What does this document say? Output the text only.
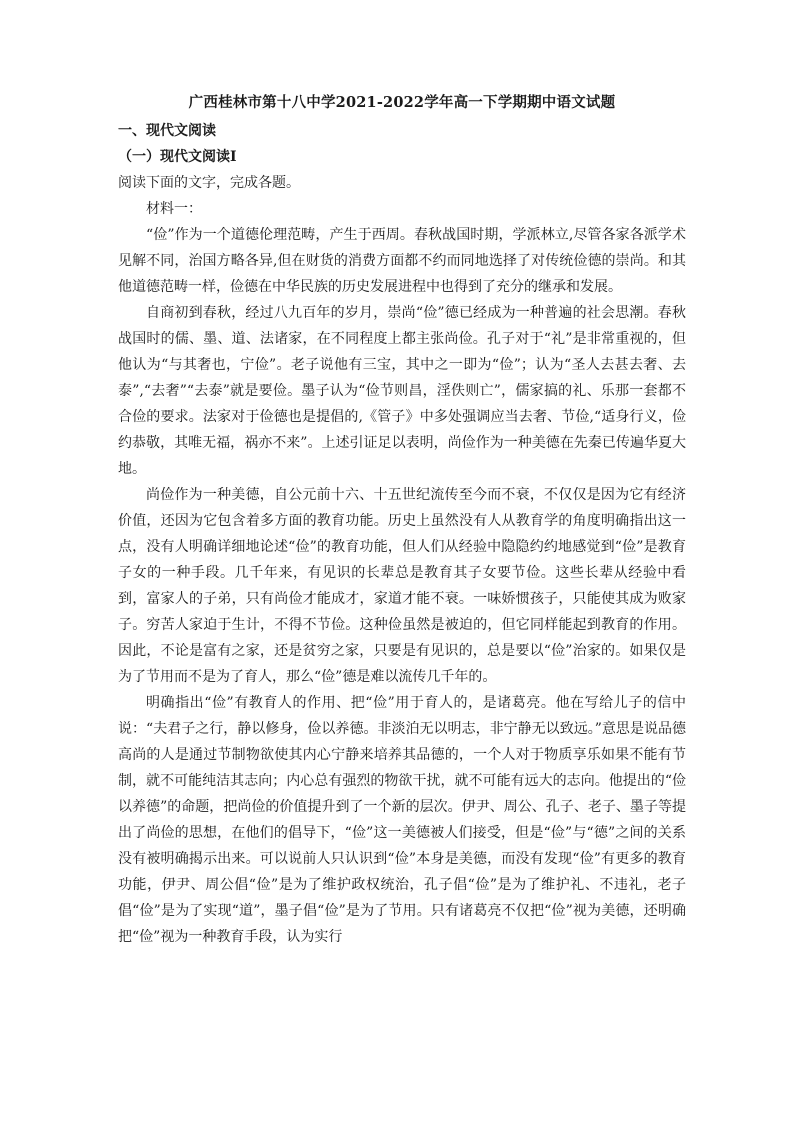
广西桂林市第十八中学2021-2022学年高一下学期期中语文试题

一、现代文阅读

（一）现代文阅读Ⅰ

阅读下面的文字，完成各题。

材料一：

“俭”作为一个道德伦理范畴，产生于西周。春秋战国时期，学派林立,尽管各家各派学术见解不同，治国方略各异,但在财货的消费方面都不约而同地选择了对传统俭德的崇尚。和其他道德范畴一样，俭德在中华民族的历史发展进程中也得到了充分的继承和发展。

自商初到春秋，经过八九百年的岁月，崇尚“俭”德已经成为一种普遍的社会思潮。春秋战国时的儒、墨、道、法诸家，在不同程度上都主张尚俭。孔子对于“礼”是非常重视的，但他认为“与其奢也，宁俭”。老子说他有三宝，其中之一即为“俭”；认为“圣人去甚去奢、去泰”,“去奢”“去泰”就是要俭。墨子认为“俭节则昌，淫佚则亡”，儒家搞的礼、乐那一套都不合俭的要求。法家对于俭德也是提倡的,《管子》中多处强调应当去奢、节俭,“适身行义，俭约恭敬，其唯无福，祸亦不来”。上述引证足以表明，尚俭作为一种美德在先秦已传遍华夏大地。

尚俭作为一种美德，自公元前十六、十五世纪流传至今而不衰，不仅仅是因为它有经济价值，还因为它包含着多方面的教育功能。历史上虽然没有人从教育学的角度明确指出这一点，没有人明确详细地论述“俭”的教育功能，但人们从经验中隐隐约约地感觉到“俭”是教育子女的一种手段。几千年来，有见识的长辈总是教育其子女要节俭。这些长辈从经验中看到，富家人的子弟，只有尚俭才能成才，家道才能不衰。一味娇惯孩子，只能使其成为败家子。穷苦人家迫于生计，不得不节俭。这种俭虽然是被迫的，但它同样能起到教育的作用。因此，不论是富有之家，还是贫穷之家，只要是有见识的，总是要以“俭”治家的。如果仅是为了节用而不是为了育人，那么“俭”德是难以流传几千年的。

明确指出“俭”有教育人的作用、把“俭”用于育人的，是诸葛亮。他在写给儿子的信中说：“夫君子之行，静以修身，俭以养德。非淡泊无以明志，非宁静无以致远。”意思是说品德高尚的人是通过节制物欲使其内心宁静来培养其品德的，一个人对于物质享乐如果不能有节制，就不可能纯洁其志向；内心总有强烈的物欲干扰，就不可能有远大的志向。他提出的“俭以养德”的命题，把尚俭的价值提升到了一个新的层次。伊尹、周公、孔子、老子、墨子等提出了尚俭的思想，在他们的倡导下，“俭”这一美德被人们接受，但是“俭”与“德”之间的关系没有被明确揭示出来。可以说前人只认识到“俭”本身是美德，而没有发现“俭”有更多的教育功能，伊尹、周公倡“俭”是为了维护政权统治，孔子倡“俭”是为了维护礼、不违礼，老子倡“俭”是为了实现“道”，墨子倡“俭”是为了节用。只有诸葛亮不仅把“俭”视为美德，还明确把“俭”视为一种教育手段，认为实行
